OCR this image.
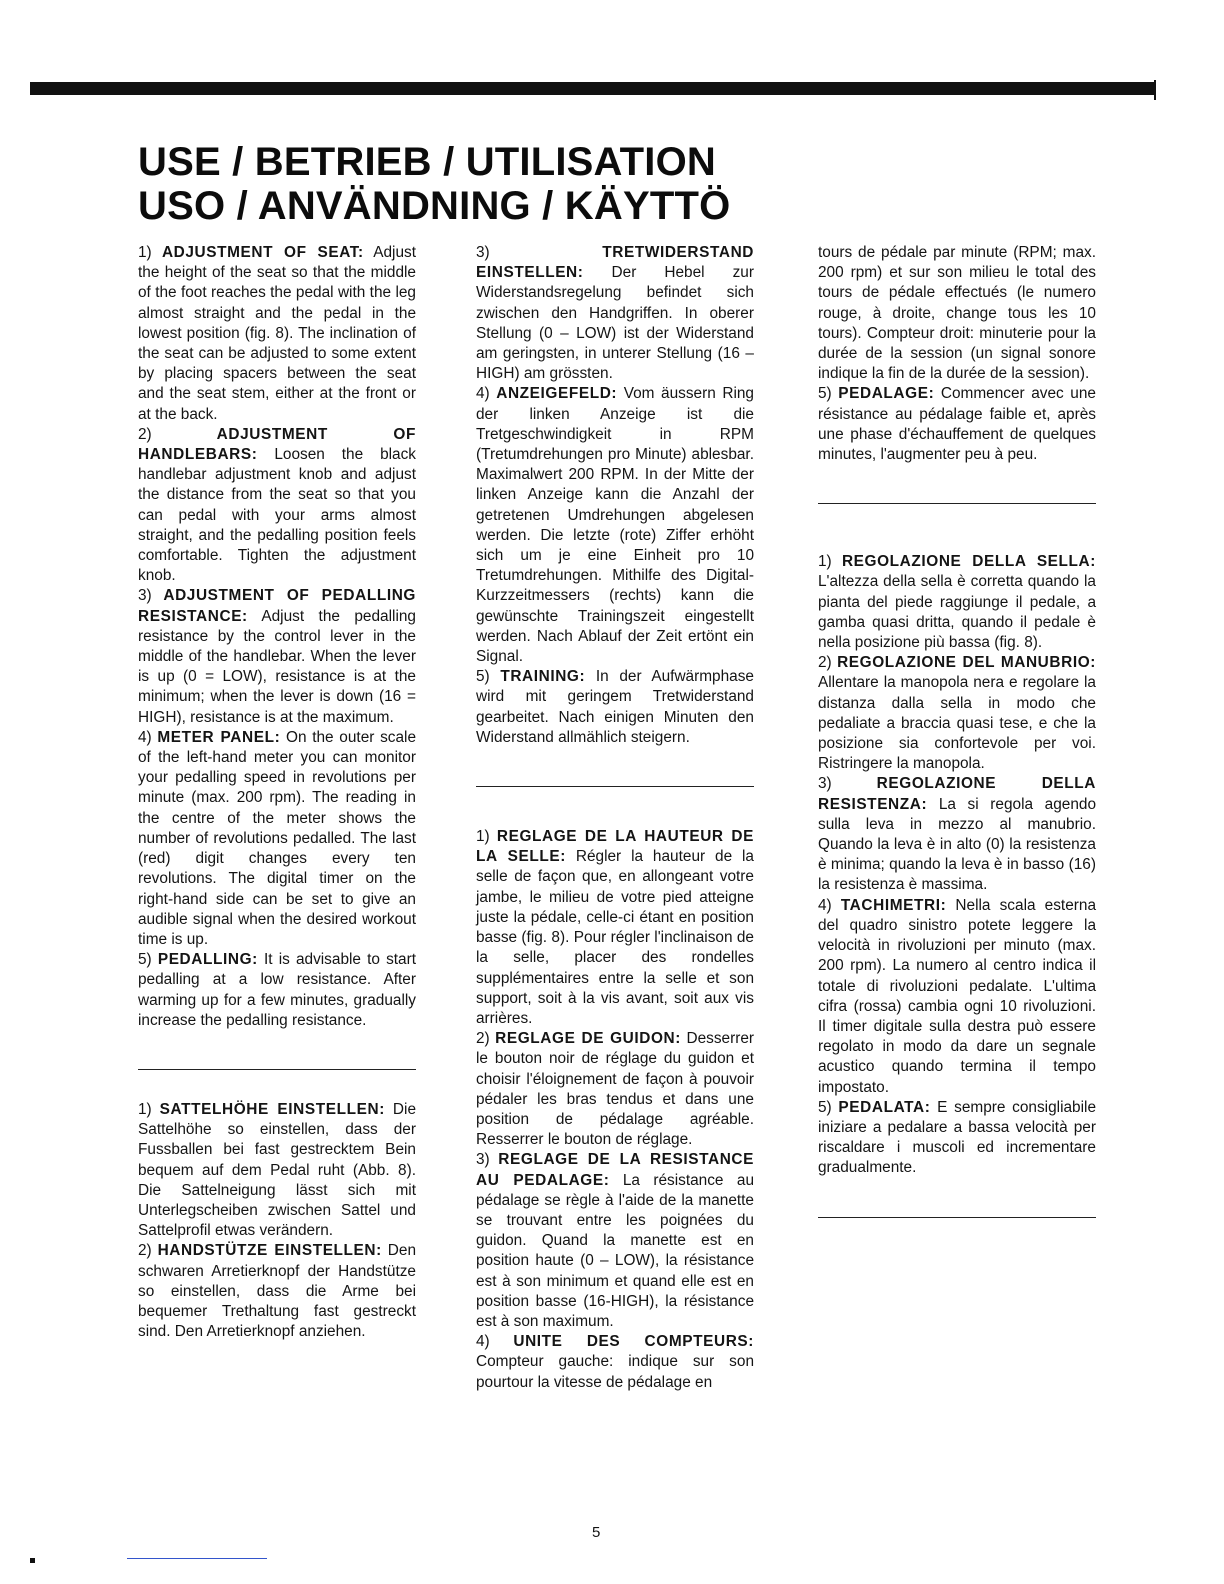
USE / BETRIEB / UTILISATION
USO / ANVÄNDNING / KÄYTTÖ

1) ADJUSTMENT OF SEAT: Adjust the height of the seat so that the middle of the foot reaches the pedal with the leg almost straight and the pedal in the lowest position (fig. 8). The inclination of the seat can be adjusted to some extent by placing spacers between the seat and the seat stem, either at the front or at the back.

2)	ADJUSTMENT OF HANDLEBARS: Loosen the black handlebar adjustment knob and adjust the distance from the seat so that you can pedal with your arms almost straight, and the pedalling position feels comfortable. Tighten the adjustment knob.

3) ADJUSTMENT OF PEDALLING RESISTANCE: Adjust the pedalling resistance by the control lever in the middle of the handlebar. When the lever is up (0 = LOW), resistance is at the minimum; when the lever is down (16 = HIGH), resistance is at the maximum.

4) METER PANEL: On the outer scale of the left-hand meter you can monitor your pedalling speed in revolutions per minute (max. 200 rpm). The reading in the centre of the meter shows the number of revolutions pedalled. The last (red) digit changes every ten revolutions. The digital timer on the right-hand side can be set to give an audible signal when the desired workout time is up.

5) PEDALLING: It is advisable to start pedalling at a low resistance. After warming up for a few minutes, gradually increase the pedalling resistance.

1) SATTELHÖHE EINSTELLEN: Die Sattelhöhe so einstellen, dass der Fussballen bei fast gestrecktem Bein bequem auf dem Pedal ruht (Abb. 8). Die Sattelneigung lässt sich mit Unterlegscheiben zwischen Sattel und Sattelprofil etwas verändern.

2) HANDSTÜTZE EINSTELLEN: Den schwaren Arretierknopf der Handstütze so einstellen, dass die Arme bei bequemer Trethaltung fast gestreckt sind. Den Arretierknopf anziehen.

3)	TRETWIDERSTAND EINSTELLEN: Der Hebel zur Widerstandsregelung befindet sich zwischen den Handgriffen. In oberer Stellung (0 – LOW) ist der Widerstand am geringsten, in unterer Stellung (16 – HIGH) am grössten.

4) ANZEIGEFELD: Vom äussern Ring der linken Anzeige ist die Tretgeschwindigkeit in RPM (Tretumdrehungen pro Minute) ablesbar. Maximalwert 200 RPM. In der Mitte der linken Anzeige kann die Anzahl der getretenen Umdrehungen abgelesen werden. Die letzte (rote) Ziffer erhöht sich um je eine Einheit pro 10 Tretumdrehungen. Mithilfe des Digital-Kurzzeitmessers (rechts) kann die gewünschte Trainingszeit eingestellt werden. Nach Ablauf der Zeit ertönt ein Signal.

5) TRAINING: In der Aufwärmphase wird mit geringem Tretwiderstand gearbeitet. Nach einigen Minuten den Widerstand allmählich steigern.

1) REGLAGE DE LA HAUTEUR DE LA SELLE: Régler la hauteur de la selle de façon que, en allongeant votre jambe, le milieu de votre pied atteigne juste la pédale, celle-ci étant en position basse (fig. 8). Pour régler l'inclinaison de la selle, placer des rondelles supplémentaires entre la selle et son support, soit à la vis avant, soit aux vis arrières.

2) REGLAGE DE GUIDON: Desserrer le bouton noir de réglage du guidon et choisir l'éloignement de façon à pouvoir pédaler les bras tendus et dans une position de pédalage agréable. Resserrer le bouton de réglage.

3) REGLAGE DE LA RESISTANCE AU PEDALAGE: La résistance au pédalage se règle à l'aide de la manette se trouvant entre les poignées du guidon. Quand la manette est en position haute (0 – LOW), la résistance est à son minimum et quand elle est en position basse (16-HIGH), la résistance est à son maximum.

4) UNITE DES COMPTEURS: Compteur gauche: indique sur son pourtour la vitesse de pédalage en

tours de pédale par minute (RPM; max. 200 rpm) et sur son milieu le total des tours de pédale effectués (le numero rouge, à droite, change tous les 10 tours). Compteur droit: minuterie pour la durée de la session (un signal sonore indique la fin de la durée de la session).

5) PEDALAGE: Commencer avec une résistance au pédalage faible et, après une phase d'échauffement de quelques minutes, l'augmenter peu à peu.

1) REGOLAZIONE DELLA SELLA: L'altezza della sella è corretta quando la pianta del piede raggiunge il pedale, a gamba quasi dritta, quando il pedale è nella posizione più bassa (fig. 8).

2) REGOLAZIONE DEL MANUBRIO: Allentare la manopola nera e regolare la distanza dalla sella in modo che pedaliate a braccia quasi tese, e che la posizione sia confortevole per voi. Ristringere la manopola.

3)	REGOLAZIONE DELLA RESISTENZA: La si regola agendo sulla leva in mezzo al manubrio. Quando la leva è in alto (0) la resistenza è minima; quando la leva è in basso (16) la resistenza è massima.

4) TACHIMETRI: Nella scala esterna del quadro sinistro potete leggere la velocità in rivoluzioni per minuto (max. 200 rpm). La numero al centro indica il totale di rivoluzioni pedalate. L'ultima cifra (rossa) cambia ogni 10 rivoluzioni. Il timer digitale sulla destra può essere regolato in modo da dare un segnale acustico quando termina il tempo impostato.

5) PEDALATA: E sempre consigliabile iniziare a pedalare a bassa velocità per riscaldare i muscoli ed incrementare gradualmente.

5
